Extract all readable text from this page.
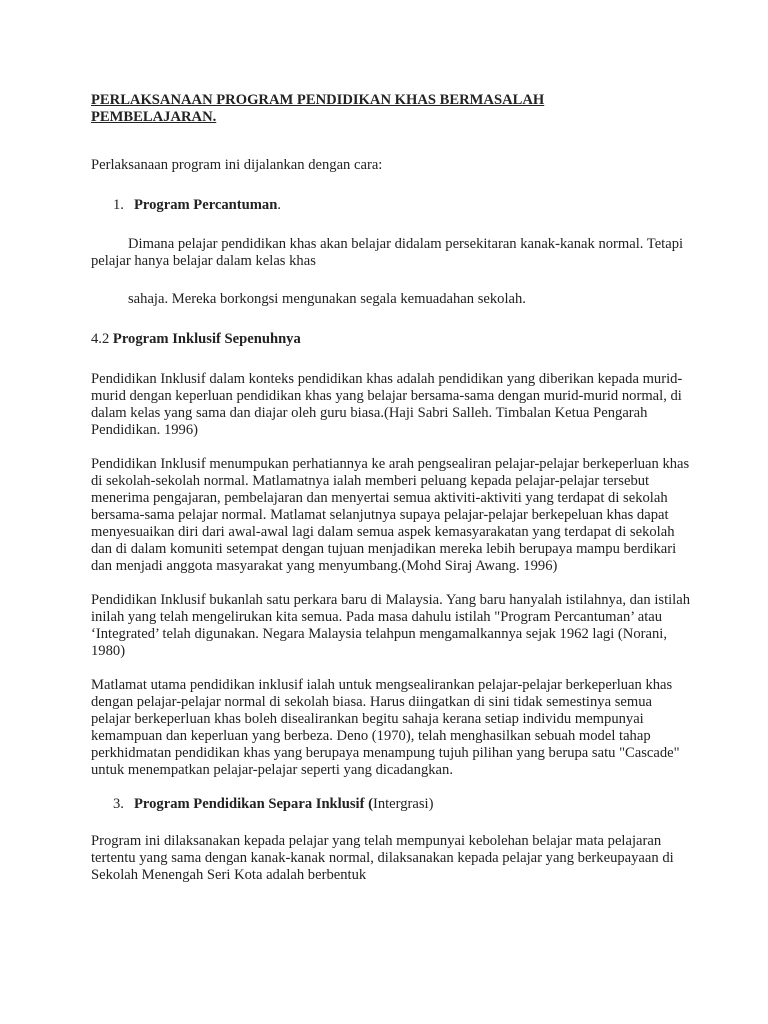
PERLAKSANAAN PROGRAM PENDIDIKAN KHAS BERMASALAH
PEMBELAJARAN.

Perlaksanaan program ini dijalankan dengan cara:

1. Program Percantuman.

Dimana pelajar pendidikan khas akan belajar didalam persekitaran kanak-kanak normal. Tetapi pelajar hanya belajar dalam kelas khas

sahaja. Mereka borkongsi mengunakan segala kemuadahan sekolah.

4.2 Program Inklusif Sepenuhnya

Pendidikan Inklusif dalam konteks pendidikan khas adalah pendidikan yang diberikan kepada murid-murid dengan keperluan pendidikan khas yang belajar bersama-sama dengan murid-murid normal, di dalam kelas yang sama dan diajar oleh guru biasa.(Haji Sabri Salleh. Timbalan Ketua Pengarah Pendidikan. 1996)

Pendidikan Inklusif menumpukan perhatiannya ke arah pengsealiran pelajar-pelajar berkeperluan khas di sekolah-sekolah normal. Matlamatnya ialah memberi peluang kepada pelajar-pelajar tersebut menerima pengajaran, pembelajaran dan menyertai semua aktiviti-aktiviti yang terdapat di sekolah bersama-sama pelajar normal. Matlamat selanjutnya supaya pelajar-pelajar berkepeluan khas dapat menyesuaikan diri dari awal-awal lagi dalam semua aspek kemasyarakatan yang terdapat di sekolah dan di dalam komuniti setempat dengan tujuan menjadikan mereka lebih berupaya mampu berdikari dan menjadi anggota masyarakat yang menyumbang.(Mohd Siraj Awang. 1996)

Pendidikan Inklusif bukanlah satu perkara baru di Malaysia. Yang baru hanyalah istilahnya, dan istilah inilah yang telah mengelirukan kita semua. Pada masa dahulu istilah "Program Percantuman’ atau ‘Integrated’ telah digunakan. Negara Malaysia telahpun mengamalkannya sejak 1962 lagi (Norani, 1980)

Matlamat utama pendidikan inklusif ialah untuk mengsealirankan pelajar-pelajar berkeperluan khas dengan pelajar-pelajar normal di sekolah biasa. Harus diingatkan di sini tidak semestinya semua pelajar berkeperluan khas boleh disealirankan begitu sahaja kerana setiap individu mempunyai kemampuan dan keperluan yang berbeza. Deno (1970), telah menghasilkan sebuah model tahap perkhidmatan pendidikan khas yang berupaya menampung tujuh pilihan yang berupa satu "Cascade" untuk menempatkan pelajar-pelajar seperti yang dicadangkan.

3. Program Pendidikan Separa Inklusif (Intergrasi)

Program ini dilaksanakan kepada pelajar yang telah mempunyai kebolehan belajar mata pelajaran tertentu yang sama dengan kanak-kanak normal, dilaksanakan kepada pelajar yang berkeupayaan di Sekolah Menengah Seri Kota adalah berbentuk
